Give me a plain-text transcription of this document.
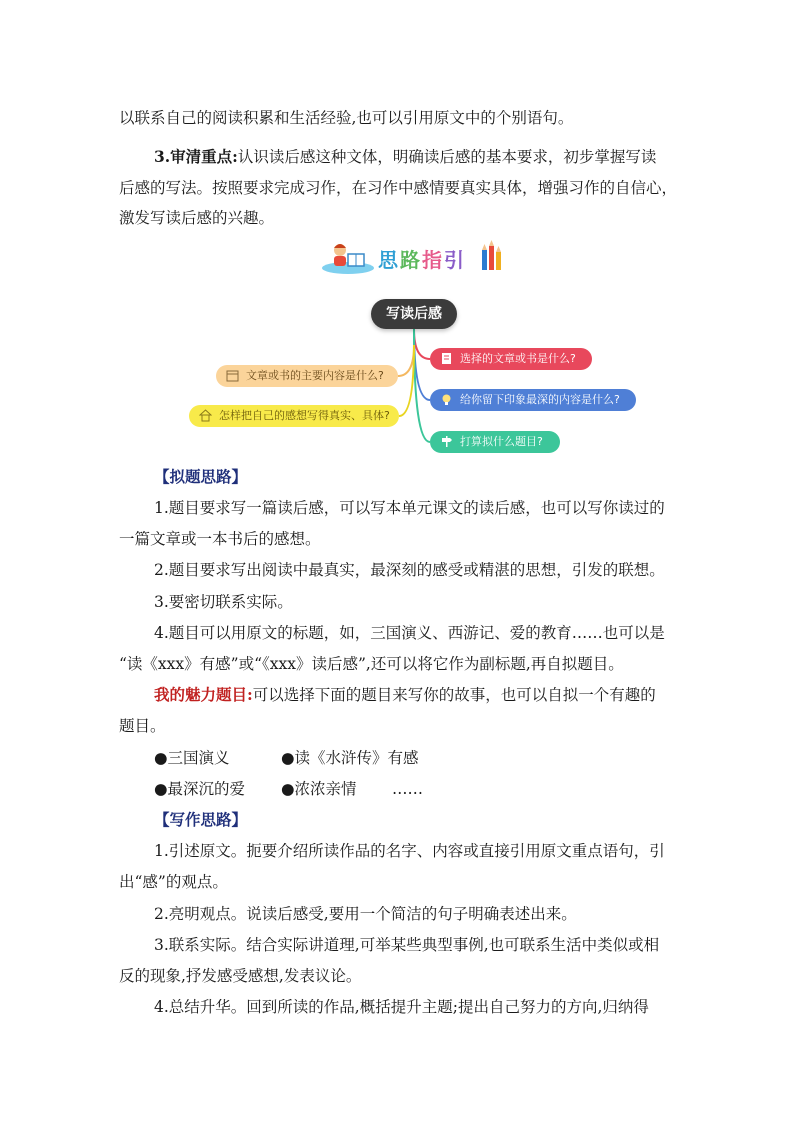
以联系自己的阅读积累和生活经验,也可以引用原文中的个别语句。
3.审清重点:认识读后感这种文体，明确读后感的基本要求，初步掌握写读
后感的写法。按照要求完成习作，在习作中感情要真实具体，增强习作的自信心，
激发写读后感的兴趣。
思路指引
写读后感
选择的文章或书是什么?
给你留下印象最深的内容是什么?
打算拟什么题目?
文章或书的主要内容是什么?
怎样把自己的感想写得真实、具体?
【拟题思路】
1.题目要求写一篇读后感，可以写本单元课文的读后感，也可以写你读过的
一篇文章或一本书后的感想。
2.题目要求写出阅读中最真实，最深刻的感受或精湛的思想，引发的联想。
3.要密切联系实际。
4.题目可以用原文的标题，如，三国演义、西游记、爱的教育……也可以是
“读《xxx》有感”或“《xxx》读后感”,还可以将它作为副标题,再自拟题目。
我的魅力题目:可以选择下面的题目来写你的故事，也可以自拟一个有趣的
题目。
●三国演义	●读《水浒传》有感
●最深沉的爱	●浓浓亲情	……
【写作思路】
1.引述原文。扼要介绍所读作品的名字、内容或直接引用原文重点语句，引
出“感”的观点。
2.亮明观点。说读后感受,要用一个简洁的句子明确表述出来。
3.联系实际。结合实际讲道理,可举某些典型事例,也可联系生活中类似或相
反的现象,抒发感受感想,发表议论。
4.总结升华。回到所读的作品,概括提升主题;提出自己努力的方向,归纳得
